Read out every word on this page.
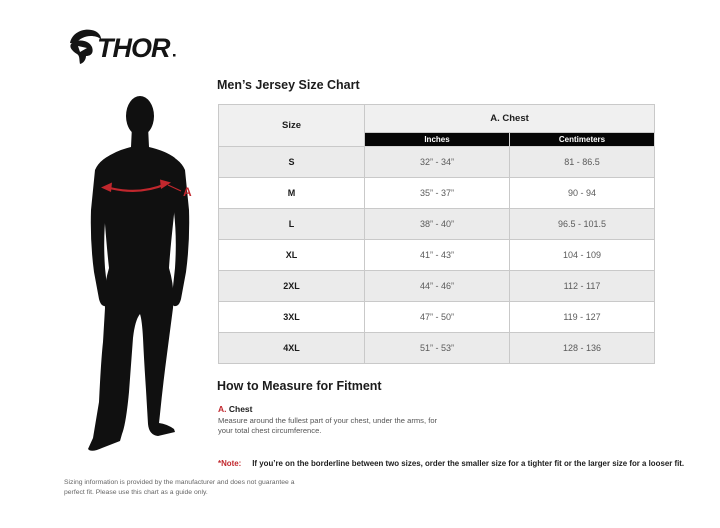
THOR
A
Men’s Jersey Size Chart
Size	A. Chest	
	Inches	Centimeters
S	32” - 34”	81 - 86.5
M	35” - 37”	90 - 94
L	38” - 40”	96.5 - 101.5
XL	41” - 43”	104 - 109
2XL	44” - 46”	112 - 117
3XL	47” - 50”	119 - 127
4XL	51” - 53”	128 - 136
How to Measure for Fitment
A. Chest

Measure around the fullest part of your chest, under the arms, for your total chest circumference.

*Note: If you’re on the borderline between two sizes, order the smaller size for a tighter fit or the larger size for a looser fit.

Sizing information is provided by the manufacturer and does not guarantee a perfect fit. Please use this chart as a guide only.
